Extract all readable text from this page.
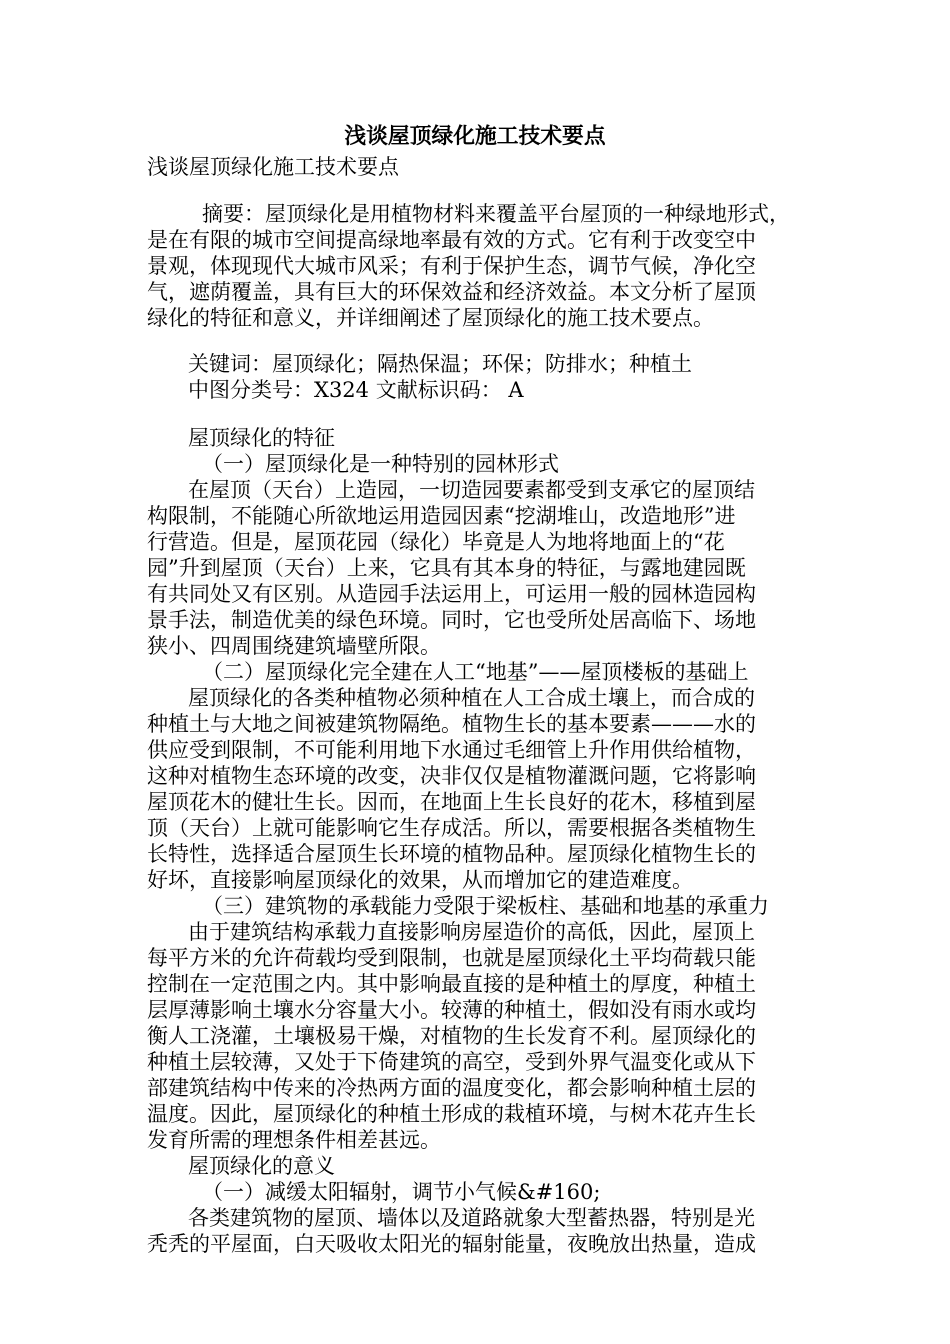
浅谈屋顶绿化施工技术要点
浅谈屋顶绿化施工技术要点
摘要：屋顶绿化是用植物材料来覆盖平台屋顶的一种绿地形式，
是在有限的城市空间提高绿地率最有效的方式。它有利于改变空中
景观，体现现代大城市风采；有利于保护生态，调节气候，净化空
气，遮荫覆盖，具有巨大的环保效益和经济效益。本文分析了屋顶
绿化的特征和意义，并详细阐述了屋顶绿化的施工技术要点。
关键词：屋顶绿化；隔热保温；环保；防排水；种植土
中图分类号：X324 文献标识码： A
屋顶绿化的特征
（一）屋顶绿化是一种特别的园林形式
在屋顶（天台）上造园，一切造园要素都受到支承它的屋顶结
构限制，不能随心所欲地运用造园因素“挖湖堆山，改造地形”进
行营造。但是，屋顶花园（绿化）毕竟是人为地将地面上的“花
园”升到屋顶（天台）上来，它具有其本身的特征，与露地建园既
有共同处又有区别。从造园手法运用上，可运用一般的园林造园构
景手法，制造优美的绿色环境。同时，它也受所处居高临下、场地
狭小、四周围绕建筑墙壁所限。
（二）屋顶绿化完全建在人工“地基”——屋顶楼板的基础上
屋顶绿化的各类种植物必须种植在人工合成土壤上，而合成的
种植土与大地之间被建筑物隔绝。植物生长的基本要素———水的
供应受到限制，不可能利用地下水通过毛细管上升作用供给植物，
这种对植物生态环境的改变，决非仅仅是植物灌溉问题，它将影响
屋顶花木的健壮生长。因而，在地面上生长良好的花木，移植到屋
顶（天台）上就可能影响它生存成活。所以，需要根据各类植物生
长特性，选择适合屋顶生长环境的植物品种。屋顶绿化植物生长的
好坏，直接影响屋顶绿化的效果，从而增加它的建造难度。
（三）建筑物的承载能力受限于梁板柱、基础和地基的承重力
由于建筑结构承载力直接影响房屋造价的高低，因此，屋顶上
每平方米的允许荷载均受到限制，也就是屋顶绿化土平均荷载只能
控制在一定范围之内。其中影响最直接的是种植土的厚度，种植土
层厚薄影响土壤水分容量大小。较薄的种植土，假如没有雨水或均
衡人工浇灌，土壤极易干燥，对植物的生长发育不利。屋顶绿化的
种植土层较薄，又处于下倚建筑的高空，受到外界气温变化或从下
部建筑结构中传来的冷热两方面的温度变化，都会影响种植土层的
温度。因此，屋顶绿化的种植土形成的栽植环境，与树木花卉生长
发育所需的理想条件相差甚远。
屋顶绿化的意义
（一）减缓太阳辐射，调节小气候&#160;
各类建筑物的屋顶、墙体以及道路就象大型蓄热器，特别是光
秃秃的平屋面，白天吸收太阳光的辐射能量，夜晚放出热量，造成
